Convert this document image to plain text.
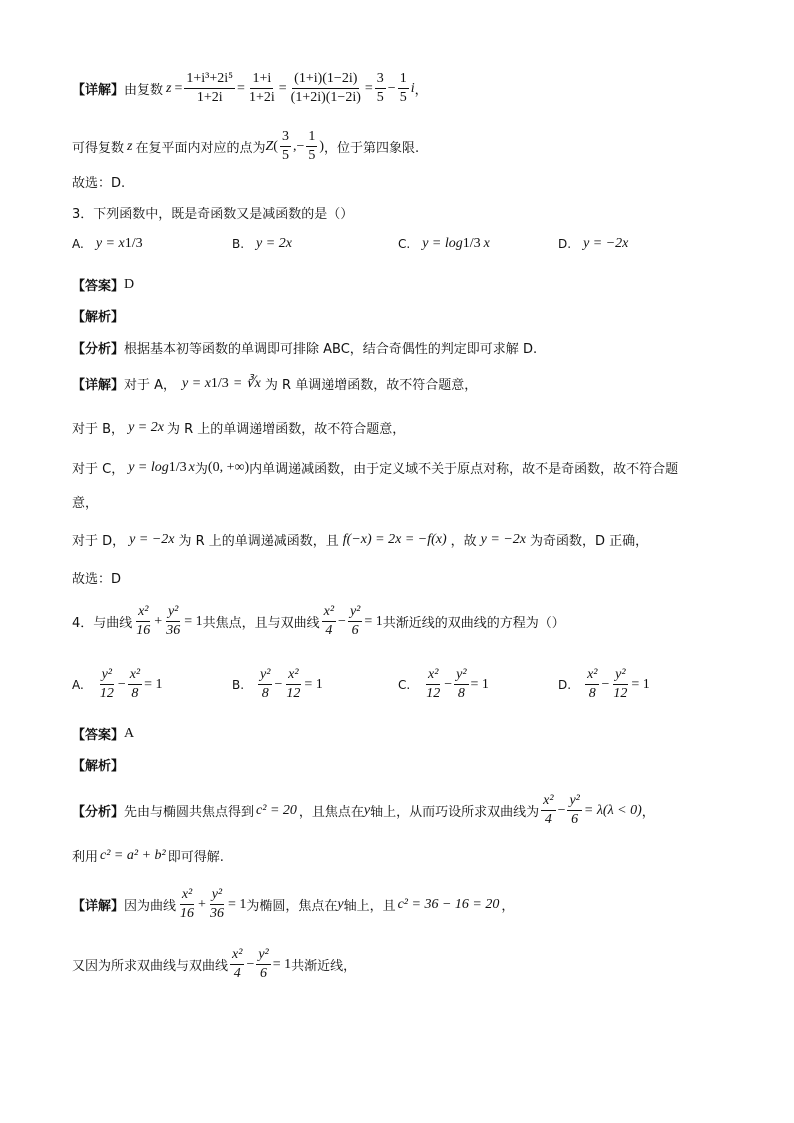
【详解】 由复数 $z = \frac{\text{1+i³+2i⁵}}{1+2i} = \frac{1+i}{1+2i} = \frac{(1+i)(1-2i)}{(1+2i)(1-2i)} = \frac{3}{5} - \frac{1}{5}$ i ，
可得复数 z 在复平面内对应的点为 Z ( $\frac{3}{5}$ ,− $\frac{1}{5}$ ) ，位于第四象限.
故选：D.
3．下列函数中，既是奇函数又是减函数的是（）
A. y = x 1/3	B. y = 2 x	C. y = log 1/3 x	D. y = −2x
【答案】 D
【解析】
【分析】 根据基本初等函数的单调即可排除 ABC，结合奇偶性的判定即可求解 D.
【详解】 对于 A， y = x 1/3 = ∛x 为 R 单调递增函数，故不符合题意，
对于 B， y = 2 x 为 R 上的单调递增函数，故不符合题意，
对于 C， y = log 1/3 x 为 (0, +∞) 内单调递减函数，由于定义域不关于原点对称，故不是奇函数，故不符合题
意，
对于 D， y = −2x 为 R 上的单调递减函数，且 f(−x) = 2x = −f(x) ，故 y = −2x 为奇函数，D 正确，
故选：D
4．与曲线 $\frac{\text{x²}}{16} + \frac{\text{y²}}{36} = 1$ 共焦点，且与双曲线 $\frac{\text{x²}}{4} - \frac{\text{y²}}{6} = 1$ 共渐近线的双曲线的方程为（）
A. $\frac{\text{y²}}{12} - \frac{\text{x²}}{8} = 1$	B. $\frac{\text{y²}}{8} - \frac{\text{x²}}{12} = 1$	C. $\frac{\text{x²}}{12} - \frac{\text{y²}}{8} = 1$	D. $\frac{\text{x²}}{8} - \frac{\text{y²}}{12} = 1$
【答案】 A
【解析】
【分析】 先由与椭圆共焦点得到 c² = 20 ，且焦点在 y 轴上，从而巧设所求双曲线为 $\frac{\text{x²}}{4} - \frac{\text{y²}}{6} = \lambda(\lambda < 0)$ ，
利用 c² = a² + b² 即可得解.
【详解】 因为曲线 $\frac{\text{x²}}{16} + \frac{\text{y²}}{36} = 1$ 为椭圆，焦点在 y 轴上，且 c² = 36 − 16 = 20 ，
又因为所求双曲线与双曲线 $\frac{\text{x²}}{4} - \frac{\text{y²}}{6} = 1$ 共渐近线，
